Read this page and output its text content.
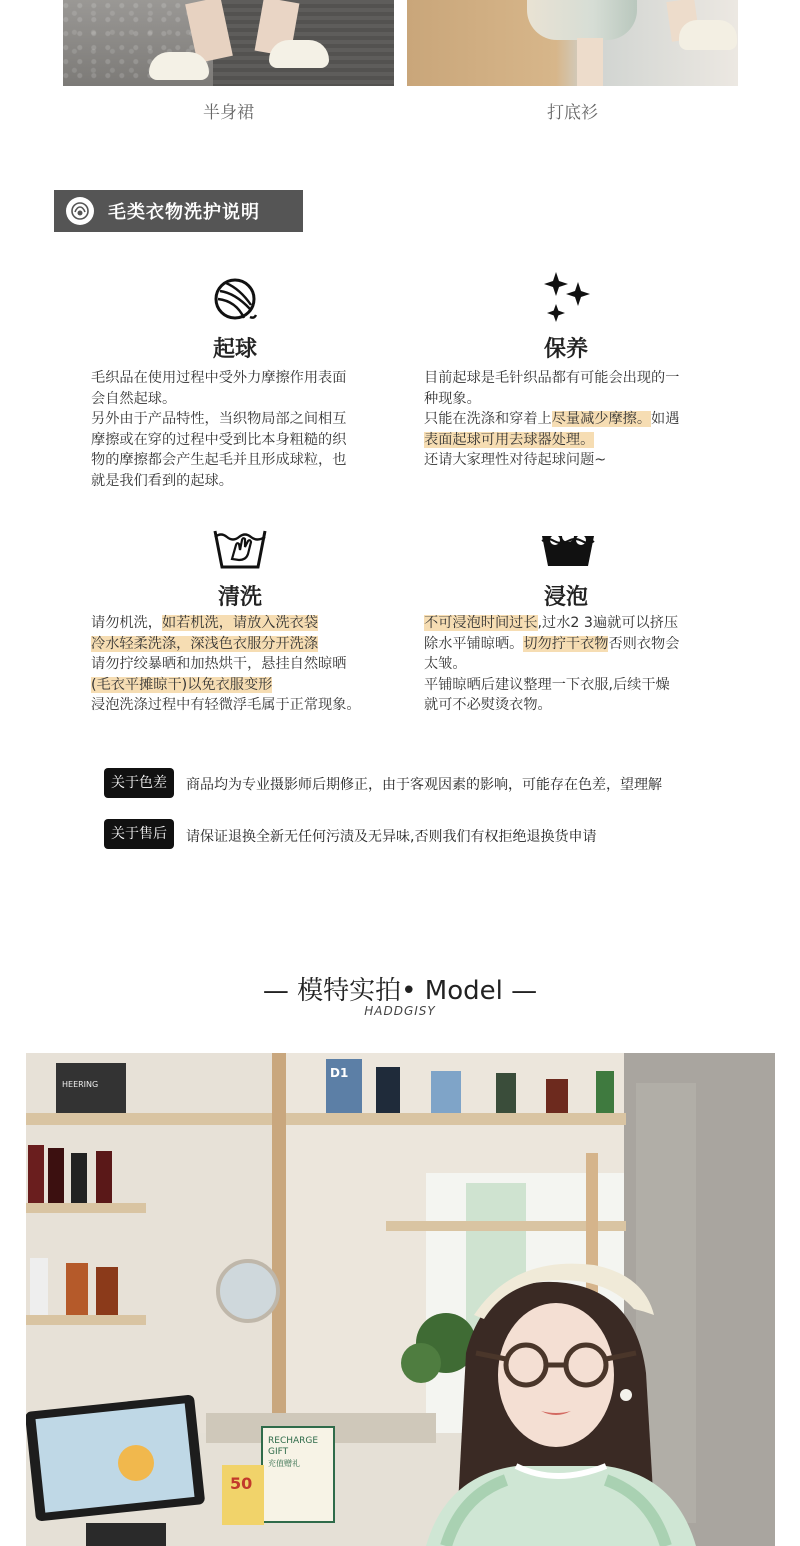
半身裙	打底衫
毛类衣物洗护说明
起球
毛织品在使用过程中受外力摩擦作用表面
会自然起球。
另外由于产品特性，当织物局部之间相互
摩擦或在穿的过程中受到比本身粗糙的织
物的摩擦都会产生起毛并且形成球粒，也
就是我们看到的起球。
保养
目前起球是毛针织品都有可能会出现的一
种现象。
只能在洗涤和穿着上尽量减少摩擦。如遇
表面起球可用去球器处理。
还请大家理性对待起球问题~
清洗
请勿机洗，如若机洗，请放入洗衣袋
冷水轻柔洗涤，深浅色衣服分开洗涤
请勿拧绞暴晒和加热烘干，悬挂自然晾晒
(毛衣平摊晾干)以免衣服变形
浸泡洗涤过程中有轻微浮毛属于正常现象。
浸泡
不可浸泡时间过长,过水2 3遍就可以挤压
除水平铺晾晒。切勿拧干衣物否则衣物会
太皱。
平铺晾晒后建议整理一下衣服,后续干燥
就可不必熨烫衣物。
关于色差	商品均为专业摄影师后期修正，由于客观因素的影响，可能存在色差，望理解
关于售后	请保证退换全新无任何污渍及无异味,否则我们有权拒绝退换货申请
— 模特实拍• Model —
HADDGISY
RECHARGE
GIFT
充值赠礼
50
HEERING
D1
